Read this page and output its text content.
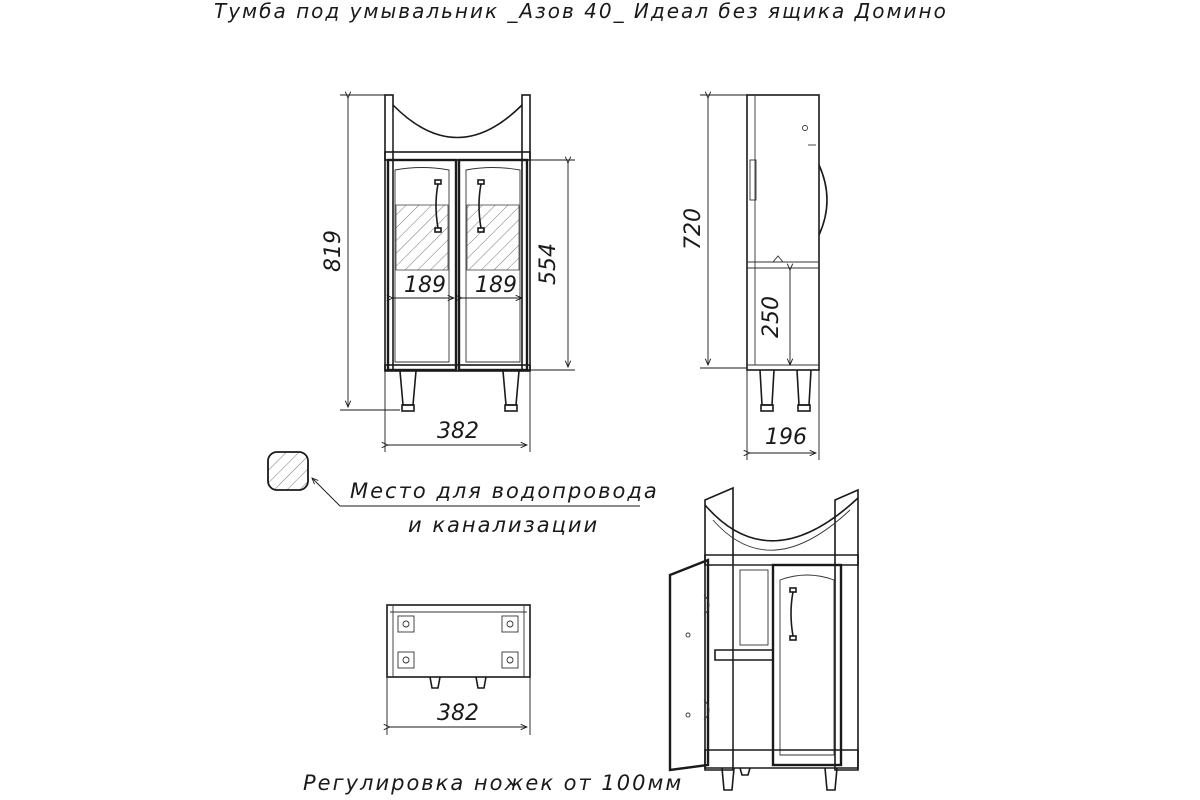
Тумба под умывальник _Азов 40_ Идеал без ящика Домино
819	554
189 189
382
720
250
196
Место для водопровода
и канализации
382
Регулировка ножек от 100мм
